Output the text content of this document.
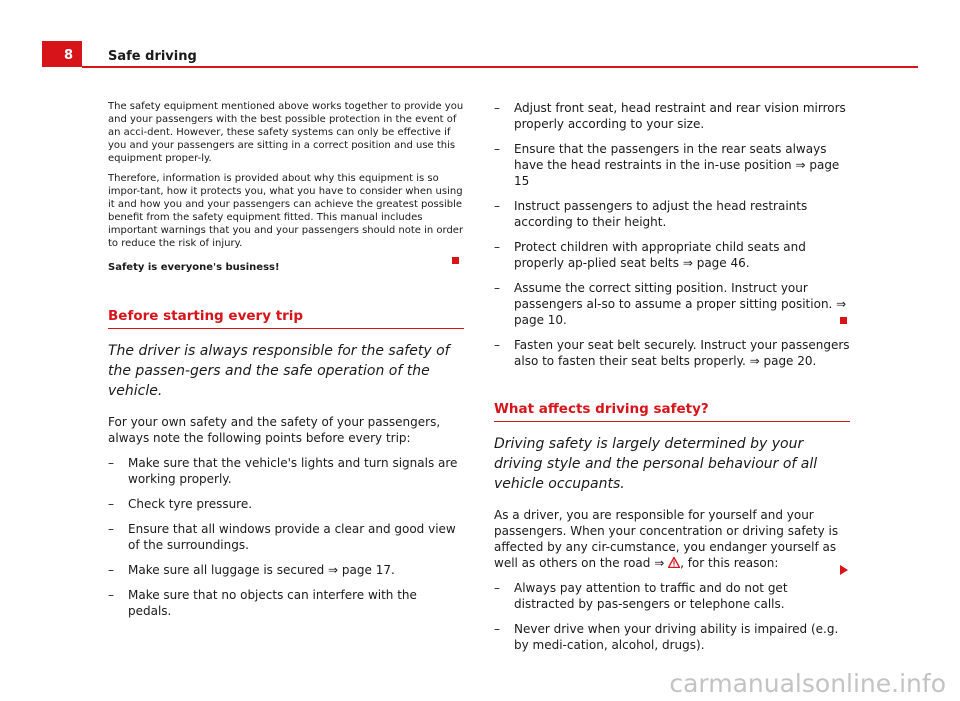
8	Safe driving

The safety equipment mentioned above works together to provide you and your passengers with the best possible protection in the event of an acci-dent. However, these safety systems can only be effective if you and your passengers are sitting in a correct position and use this equipment proper-ly.

Therefore, information is provided about why this equipment is so impor-tant, how it protects you, what you have to consider when using it and how you and your passengers can achieve the greatest possible benefit from the safety equipment fitted. This manual includes important warnings that you and your passengers should note in order to reduce the risk of injury.

Safety is everyone's business!

Before starting every trip

The driver is always responsible for the safety of the passen-gers and the safe operation of the vehicle.

For your own safety and the safety of your passengers, always note the following points before every trip:

– Make sure that the vehicle's lights and turn signals are working properly.
– Check tyre pressure.
– Ensure that all windows provide a clear and good view of the surroundings.
– Make sure all luggage is secured ⇒ page 17.
– Make sure that no objects can interfere with the pedals.
– Adjust front seat, head restraint and rear vision mirrors properly according to your size.
– Ensure that the passengers in the rear seats always have the head restraints in the in-use position ⇒ page 15
– Instruct passengers to adjust the head restraints according to their height.
– Protect children with appropriate child seats and properly ap-plied seat belts ⇒ page 46.
– Assume the correct sitting position. Instruct your passengers al-so to assume a proper sitting position. ⇒ page 10.
– Fasten your seat belt securely. Instruct your passengers also to fasten their seat belts properly. ⇒ page 20.
What affects driving safety?

Driving safety is largely determined by your driving style and the personal behaviour of all vehicle occupants.

As a driver, you are responsible for yourself and your passengers. When your concentration or driving safety is affected by any cir-cumstance, you endanger yourself as well as others on the road ⇒ , for this reason:

– Always pay attention to traffic and do not get distracted by pas-sengers or telephone calls.
– Never drive when your driving ability is impaired (e.g. by medi-cation, alcohol, drugs).
carmanualsonline.info
